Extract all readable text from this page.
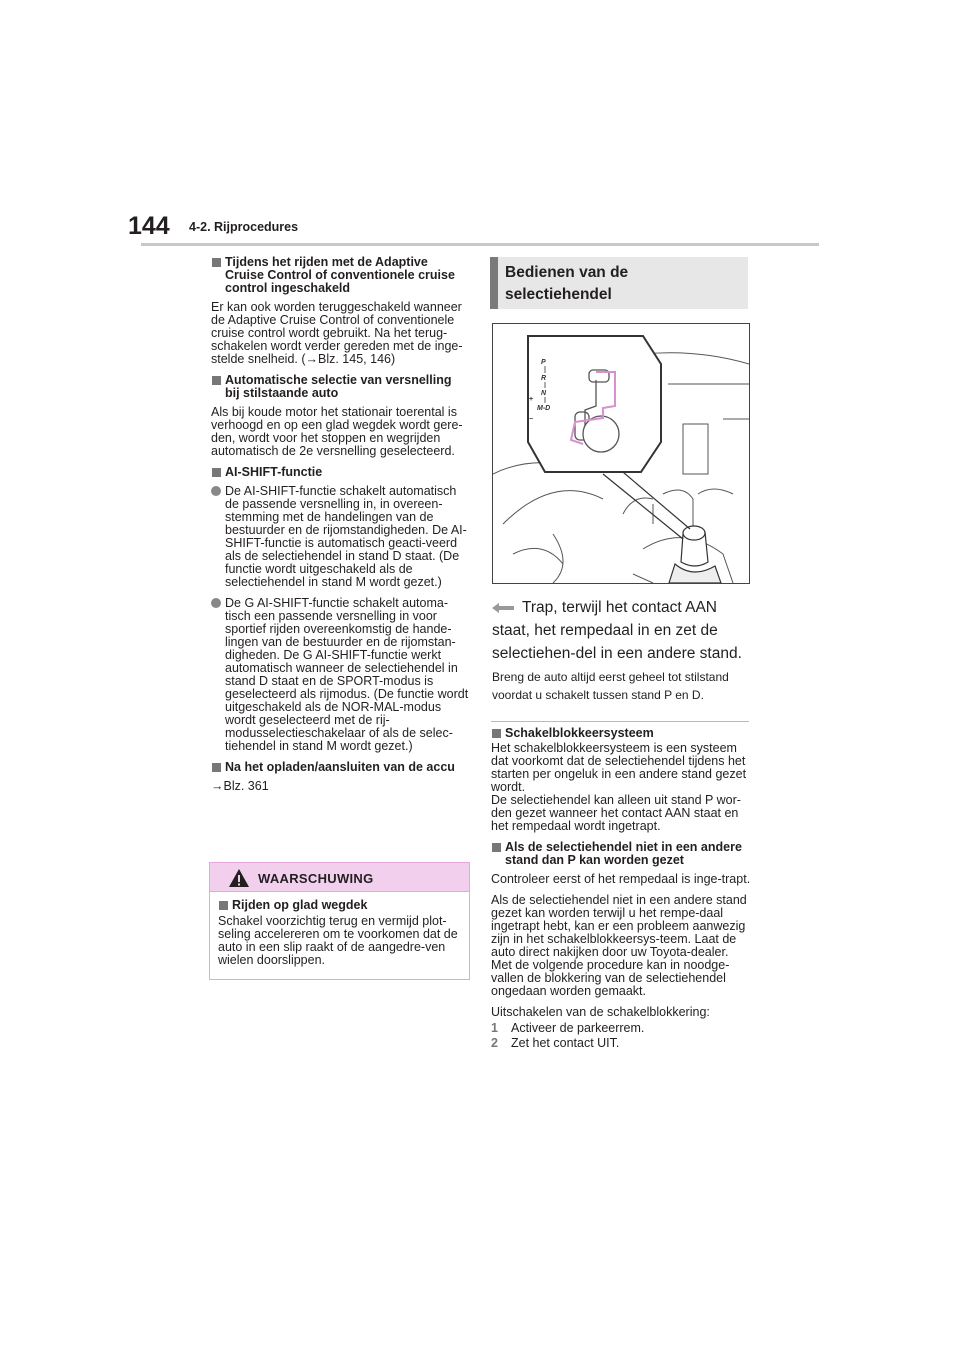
144 4-2. Rijprocedures
Tijdens het rijden met de Adaptive Cruise Control of conventionele cruise control ingeschakeld

Er kan ook worden teruggeschakeld wanneer de Adaptive Cruise Control of conventionele cruise control wordt gebruikt. Na het terug-schakelen wordt verder gereden met de inge-stelde snelheid. (→Blz. 145, 146)

Automatische selectie van versnelling bij stilstaande auto

Als bij koude motor het stationair toerental is verhoogd en op een glad wegdek wordt gere-den, wordt voor het stoppen en wegrijden automatisch de 2e versnelling geselecteerd.

AI-SHIFT-functie
De AI-SHIFT-functie schakelt automatisch de passende versnelling in, in overeen-stemming met de handelingen van de bestuurder en de rijomstandigheden. De AI-SHIFT-functie is automatisch geacti-veerd als de selectiehendel in stand D staat. (De functie wordt uitgeschakeld als de selectiehendel in stand M wordt gezet.)
De G AI-SHIFT-functie schakelt automa-tisch een passende versnelling in voor sportief rijden overeenkomstig de hande-lingen van de bestuurder en de rijomstan-digheden. De G AI-SHIFT-functie werkt automatisch wanneer de selectiehendel in stand D staat en de SPORT-modus is geselecteerd als rijmodus. (De functie wordt uitgeschakeld als de NOR-MAL-modus wordt geselecteerd met de rij-modusselectieschakelaar of als de selec-tiehendel in stand M wordt gezet.)
Na het opladen/aansluiten van de accu

→Blz. 361

WAARSCHUWING
Rijden op glad wegdek
Schakel voorzichtig terug en vermijd plot-seling accelereren om te voorkomen dat de auto in een slip raakt of de aangedre-ven wielen doorslippen.
Bedienen van de
selectiehendel
P
R
N
M-D
+
−
Trap, terwijl het contact AAN staat, het rempedaal in en zet de selectiehen-del in een andere stand.
Breng de auto altijd eerst geheel tot stilstand voordat u schakelt tussen stand P en D.
Schakelblokkeersysteem

Het schakelblokkeersysteem is een systeem dat voorkomt dat de selectiehendel tijdens het starten per ongeluk in een andere stand gezet wordt.
De selectiehendel kan alleen uit stand P wor-den gezet wanneer het contact AAN staat en het rempedaal wordt ingetrapt.

Als de selectiehendel niet in een andere stand dan P kan worden gezet

Controleer eerst of het rempedaal is inge-trapt.

Als de selectiehendel niet in een andere stand gezet kan worden terwijl u het rempe-daal ingetrapt hebt, kan er een probleem aanwezig zijn in het schakelblokkeersys-teem. Laat de auto direct nakijken door uw Toyota-dealer.
Met de volgende procedure kan in noodge-vallen de blokkering van de selectiehendel ongedaan worden gemaakt.

Uitschakelen van de schakelblokkering:

1 Activeer de parkeerrem.
2 Zet het contact UIT.
